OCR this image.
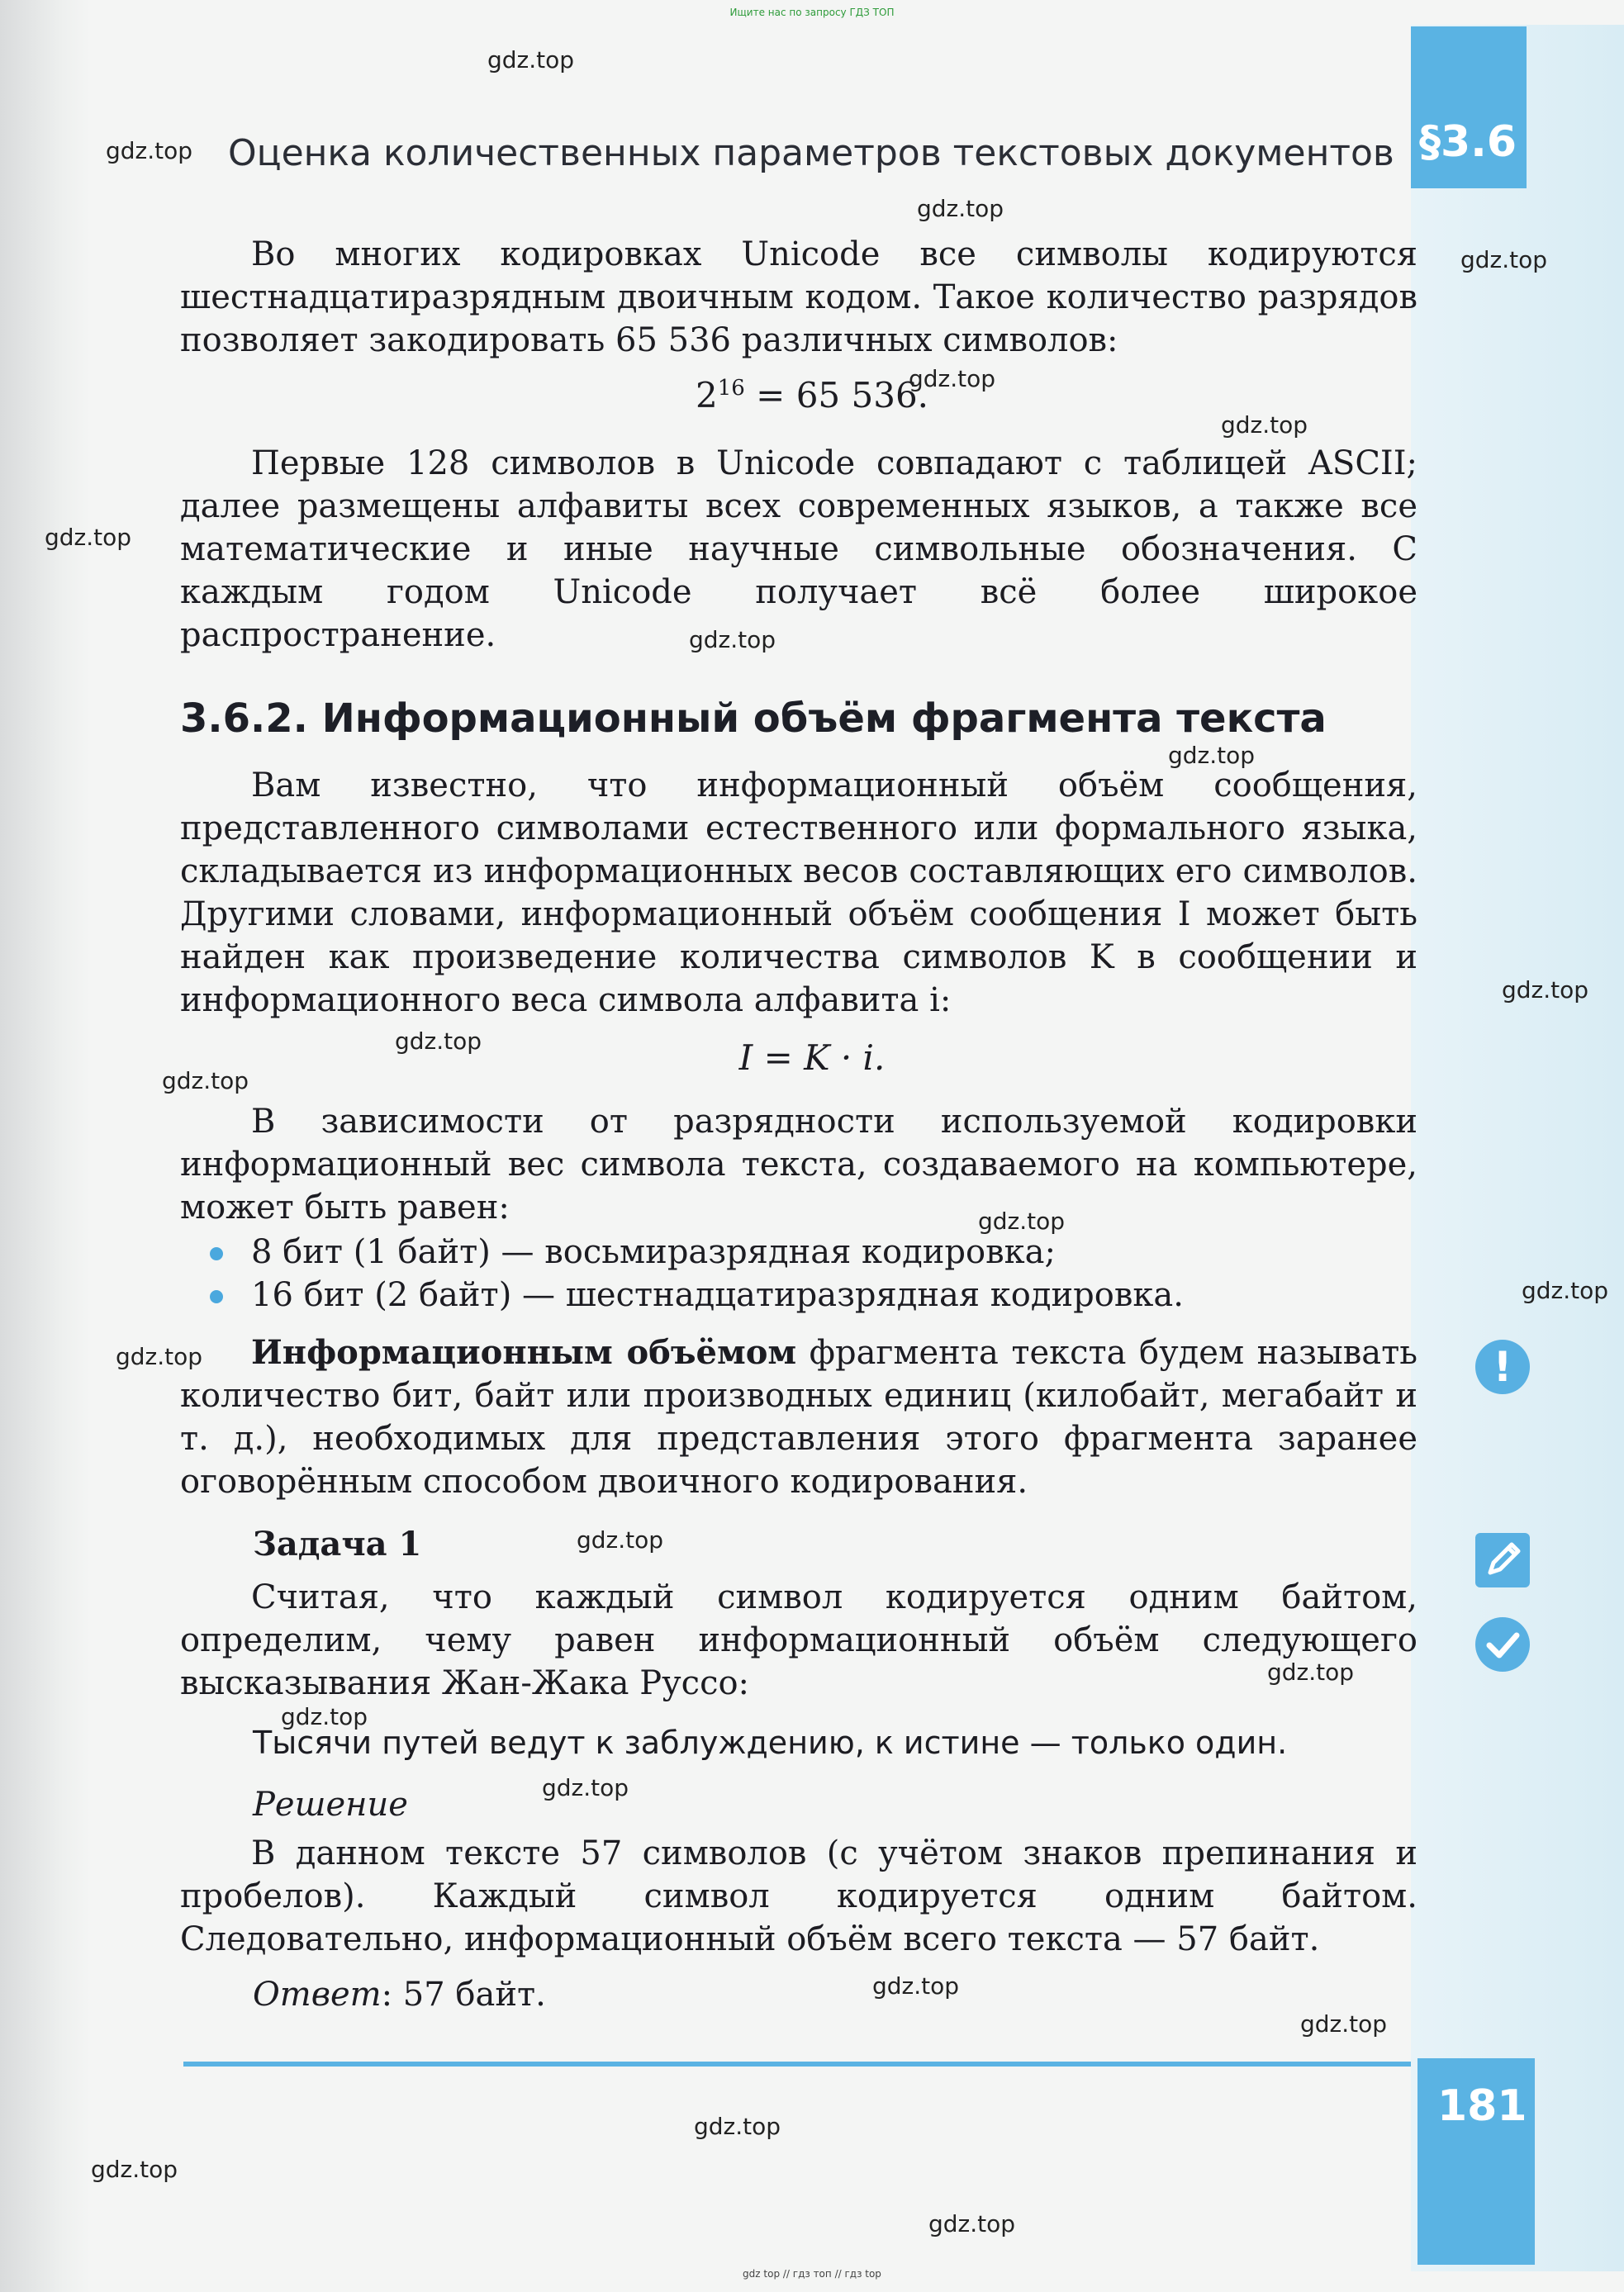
Ищите нас по запросу ГДЗ ТОП
§3.6
Оценка количественных параметров текстовых документов

Во многих кодировках Unicode все символы кодируются шестнадцатиразрядным двоичным кодом. Такое количество разрядов позволяет закодировать 65 536 различных символов:

$2^{16} = 65$ 536.

Первые 128 символов в Unicode совпадают с таблицей ASCII; далее размещены алфавиты всех современных языков, а также все математические и иные научные символьные обозначения. С каждым годом Unicode получает всё более широкое распространение.

3.6.2. Информационный объём фрагмента текста

Вам известно, что информационный объём сообщения, представленного символами естественного или формального языка, складывается из информационных весов составляющих его символов. Другими словами, информационный объём сообщения I может быть найден как произведение количества символов K в сообщении и информационного веса символа алфавита i:

I = K · i.

В зависимости от разрядности используемой кодировки информационный вес символа текста, создаваемого на компьютере, может быть равен:

8 бит (1 байт) — восьмиразрядная кодировка;
16 бит (2 байт) — шестнадцатиразрядная кодировка.

Информационным объёмом фрагмента текста будем называть количество бит, байт или производных единиц (килобайт, мегабайт и т. д.), необходимых для представления этого фрагмента заранее оговорённым способом двоичного кодирования.

Задача 1

Считая, что каждый символ кодируется одним байтом, определим, чему равен информационный объём следующего высказывания Жан-Жака Руссо:

Тысячи путей ведут к заблуждению, к истине — только один.
Решение

В данном тексте 57 символов (с учётом знаков препинания и пробелов). Каждый символ кодируется одним байтом. Следовательно, информационный объём всего текста — 57 байт.

Ответ: 57 байт.
!
181
gdz.top
gdz.top
gdz.top
gdz.top
gdz.top
gdz.top
gdz.top
gdz.top
gdz.top
gdz.top
gdz.top
gdz.top
gdz.top
gdz.top
gdz.top
gdz.top
gdz.top
gdz.top
gdz.top
gdz.top
gdz.top
gdz.top
gdz.top
gdz.top
gdz top // гдз топ // гдз top
